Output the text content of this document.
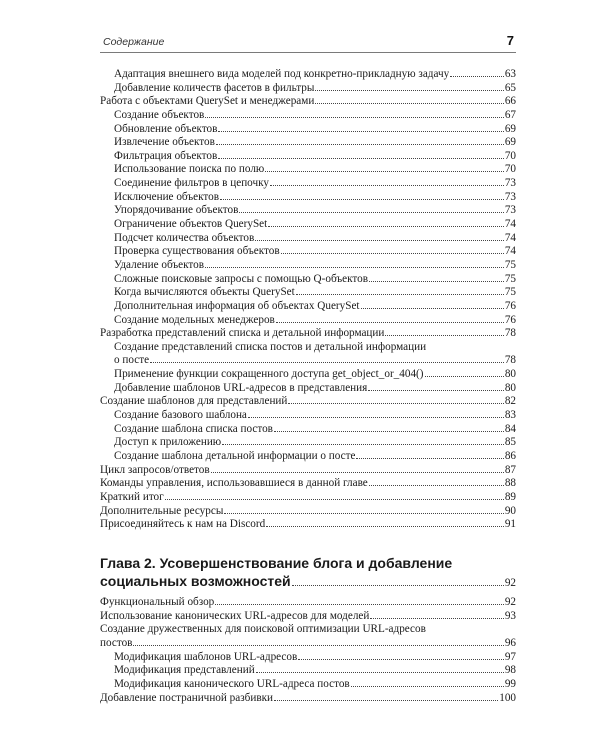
Содержание	7
Адаптация внешнего вида моделей под конкретно-прикладную задачу	63
Добавление количеств фасетов в фильтры	65
Работа с объектами QuerySet и менеджерами	66
Создание объектов	67
Обновление объектов	69
Извлечение объектов	69
Фильтрация объектов	70
Использование поиска по полю	70
Соединение фильтров в цепочку	73
Исключение объектов	73
Упорядочивание объектов	73
Ограничение объектов QuerySet	74
Подсчет количества объектов	74
Проверка существования объектов	74
Удаление объектов	75
Сложные поисковые запросы с помощью Q-объектов	75
Когда вычисляются объекты QuerySet	75
Дополнительная информация об объектах QuerySet	76
Создание модельных менеджеров	76
Разработка представлений списка и детальной информации	78
Создание представлений списка постов и детальной информации
о посте	78
Применение функции сокращенного доступа get_object_or_404()	80
Добавление шаблонов URL-адресов в представления	80
Создание шаблонов для представлений	82
Создание базового шаблона	83
Создание шаблона списка постов	84
Доступ к приложению	85
Создание шаблона детальной информации о посте	86
Цикл запросов/ответов	87
Команды управления, использовавшиеся в данной главе	88
Краткий итог	89
Дополнительные ресурсы	90
Присоединяйтесь к нам на Discord	91
Глава 2. Усовершенствование блога и добавление
социальных возможностей	92
Функциональный обзор	92
Использование канонических URL-адресов для моделей	93
Создание дружественных для поисковой оптимизации URL-адресов
постов	96
Модификация шаблонов URL-адресов	97
Модификация представлений	98
Модификация канонического URL-адреса постов	99
Добавление постраничной разбивки	100
